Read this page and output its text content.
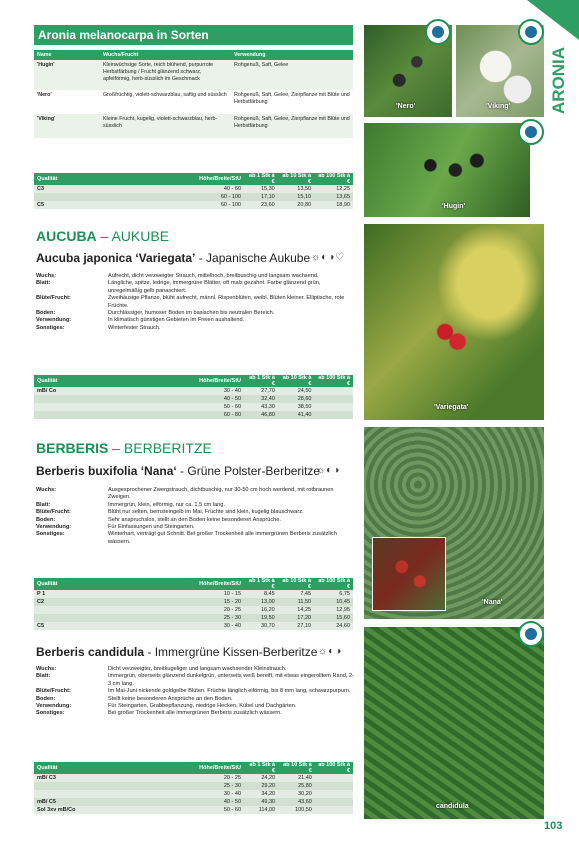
ARONIA
Aronia melanocarpa in Sorten
Name	Wuchs/Frucht	Verwendung
'Hugin'	Kleinwüchsige Sorte, reich blühend, purpurrote Herbstfärbung / Frucht glänzend schwarz, apfelförmig, herb-süsslich im Geschmack	Rohgenuß, Saft, Gelee
'Nero'	Großfrüchtig, violett-schwarzblau, saftig und süsslich	Rohgenuß, Saft, Gelee, Zierpflanze mit Blüte und Herbstfärbung
'Viking'	Kleine Frucht, kugelig, violett-schwarzblau, herb-süsslich	Rohgenuß, Saft, Gelee, Zierpflanze mit Blüte und Herbstfärbung
Qualität	Höhe/Breite/StU	ab 1 Stk à €	ab 10 Stk à €	ab 100 Stk à €
C3	40 - 60	15,30	13,50	12,25
	60 - 100	17,10	15,10	13,65
C5	60 - 100	23,60	20,80	18,90
AUCUBA – AUKUBE
Aucuba japonica ‘Variegata’ - Japanische Aukube ☼◐◑♡
Wuchs:	Aufrecht, dicht verzweigter Strauch, mittelhoch, breitbuschig und langsam wachsend.
Blatt:	Längliche, spitze, ledrige, immergrüne Blätter, oft mals gezahnt. Farbe glänzend grün, unregelmäßig gelb panaschiert.
Blüte/Frucht:	Zweihäusige Pflanze, blüht aufrecht, männl. Rispenblüten, weibl. Blüten kleiner. Elliptische, rote Früchte.
Boden:	Durchlässiger, humoser Boden im basischen bis neutralen Bereich.
Verwendung:	In klimatisch günstigen Gebieten im Freien aushaltend.
Sonstiges:	Winterfester Strauch.
Qualität	Höhe/Breite/StU	ab 1 Stk à €	ab 10 Stk à €	ab 100 Stk à €
mB/ Co	30 - 40	27,70	24,50	
	40 - 50	32,40	28,60	
	50 - 60	43,30	38,50	
	60 - 80	46,80	41,40	
BERBERIS – BERBERITZE
Berberis buxifolia ‘Nana‘ - Grüne Polster-Berberitze
☼◐◑
Wuchs:	Ausgesprochener Zwergstrauch, dichtbuschig, nur 30-50 cm hoch werdend, mit rotbraunen Zweigen.
Blatt:	Immergrün, klein, eiförmig, nur ca. 1,5 cm lang.
Blüte/Frucht:	Blüht nur selten, bernsteingelb im Mai, Früchte sind klein, kugelig blauschwarz.
Boden:	Sehr anspruchslos, stellt an den Boden keine besonderen Ansprüche.
Verwendung:	Für Einfassungen und Steingarten.
Sonstiges:	Winterhart, verträgt gut Schnitt. Bei großer Trockenheit alle immergrünen Berberis zusätzlich wässern.
Qualität	Höhe/Breite/StU	ab 1 Stk à €	ab 10 Stk à €	ab 100 Stk à €
P 1	10 - 15	8,45	7,45	6,75
C2	15 - 20	13,00	11,50	10,45
	20 - 25	16,20	14,25	12,95
	25 - 30	19,50	17,20	15,60
C5	30 - 40	30,70	27,10	24,60
Berberis candidula - Immergrüne Kissen-Berberitze ☼◐◑
Wuchs:	Dicht verzweigter, breitkugeliger und langsam wachsender Kleinstrauch.
Blatt:	Immergrün, oberseits glänzend dunkelgrün, unterseits weiß bereift, mit etwas eingerolltem Rand, 2-3 cm lang.
Blüte/Frucht:	Im Mai-Juni nickende goldgelbe Blüten. Früchte länglich eiförmig, bis 8 mm lang, schwarzpurpurn.
Boden:	Stellt keine besonderen Ansprüche an den Boden.
Verwendung:	Für Steingarten, Grabbepflanzung, niedrige Hecken, Kübel und Dachgärten.
Sonstiges:	Bei großer Trockenheit alle immergrünen Berberis zusätzlich wässern.
Qualität	Höhe/Breite/StU	ab 1 Stk à €	ab 10 Stk à €	ab 100 Stk à €
mB/ C3	20 - 25	24,20	21,40	
	25 - 30	29,20	25,80	
	30 - 40	34,20	30,20	
mB/ C5	40 - 50	49,30	43,60	
Sol 3xv mB/Co	50 - 60	114,00	100,50	
'Nero'	'Viking'
'Hugin'
'Variegata'
'Nana'
candidula
103
